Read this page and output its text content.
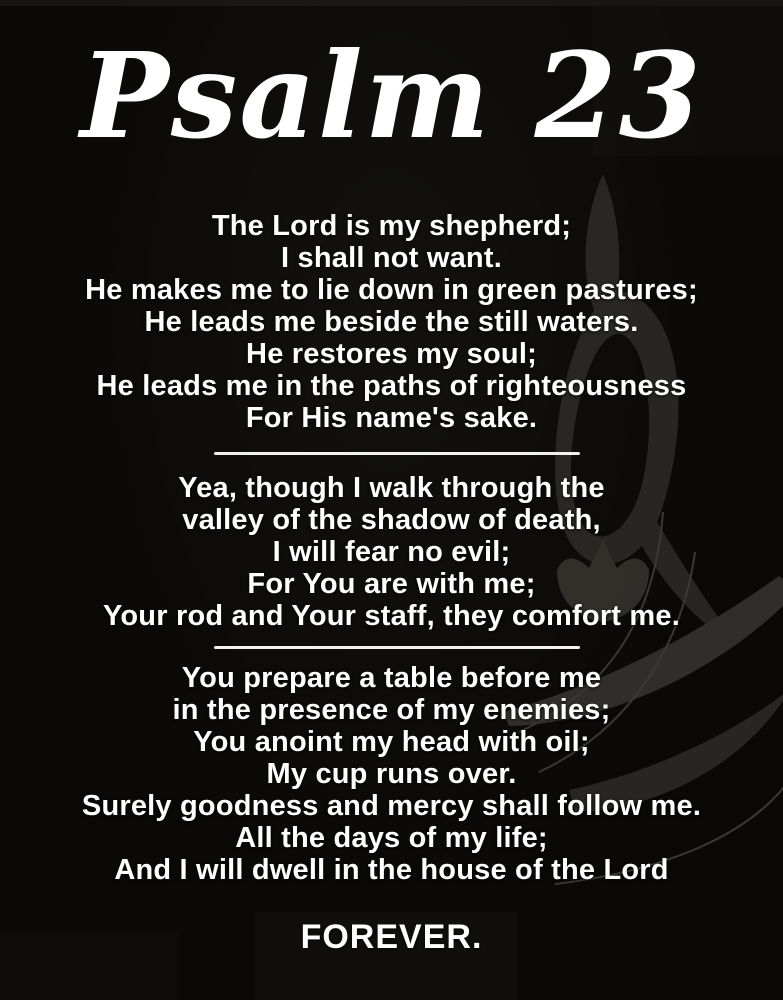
Psalm 23
The Lord is my shepherd;
I shall not want.
He makes me to lie down in green pastures;
He leads me beside the still waters.
He restores my soul;
He leads me in the paths of righteousness
For His name's sake.
Yea, though I walk through the
valley of the shadow of death,
I will fear no evil;
For You are with me;
Your rod and Your staff, they comfort me.
You prepare a table before me
in the presence of my enemies;
You anoint my head with oil;
My cup runs over.
Surely goodness and mercy shall follow me.
All the days of my life;
And I will dwell in the house of the Lord
FOREVER.
